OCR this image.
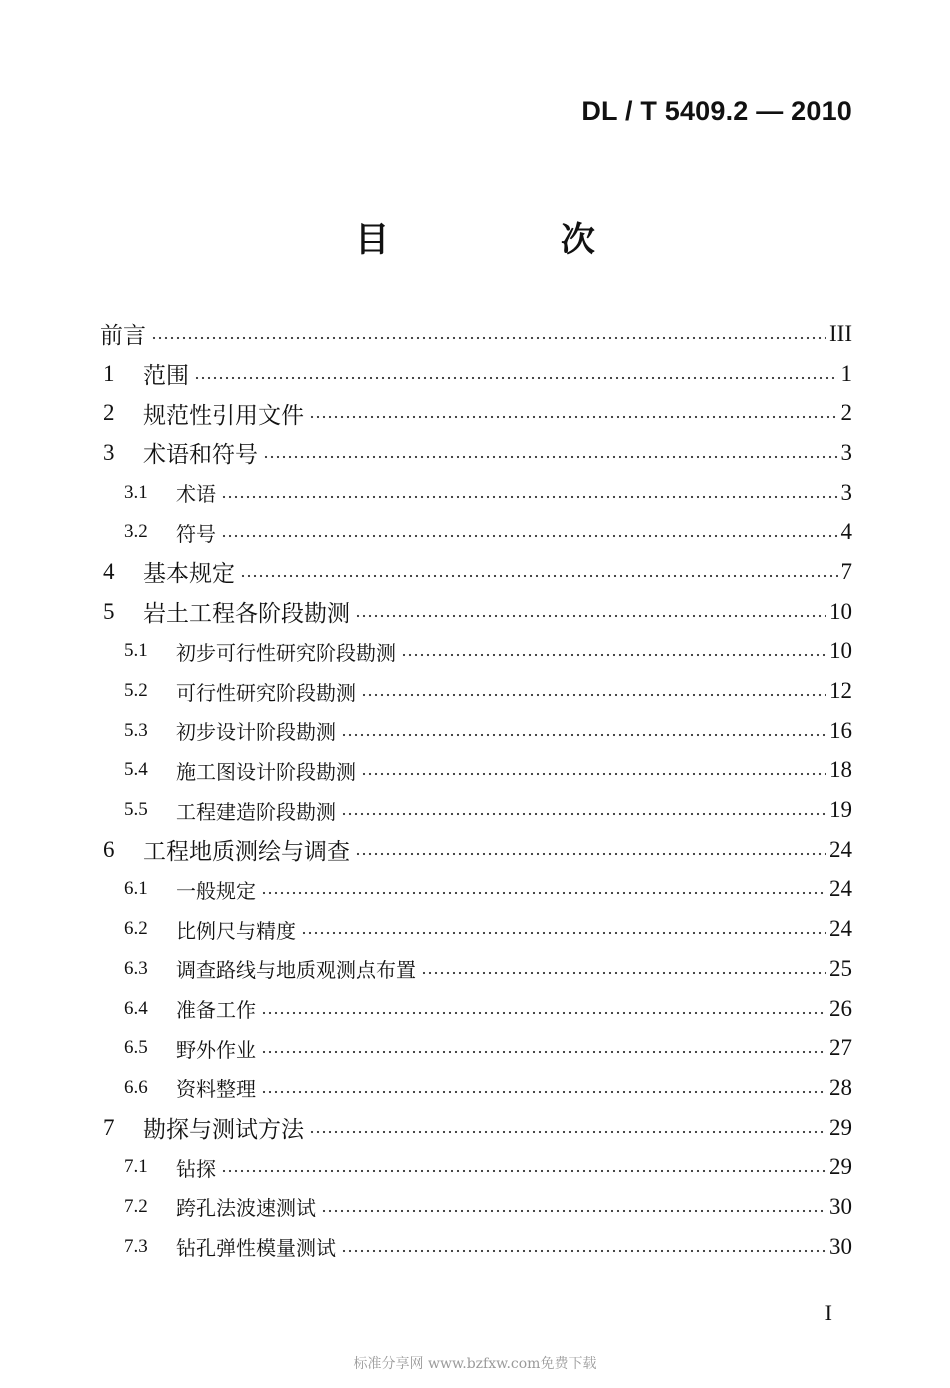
DL / T 5409.2 — 2010
目 次
前言	III
1	范围	1
2	规范性引用文件	2
3	术语和符号	3
3.1	术语	3
3.2	符号	4
4	基本规定	7
5	岩土工程各阶段勘测	10
5.1	初步可行性研究阶段勘测	10
5.2	可行性研究阶段勘测	12
5.3	初步设计阶段勘测	16
5.4	施工图设计阶段勘测	18
5.5	工程建造阶段勘测	19
6	工程地质测绘与调查	24
6.1	一般规定	24
6.2	比例尺与精度	24
6.3	调查路线与地质观测点布置	25
6.4	准备工作	26
6.5	野外作业	27
6.6	资料整理	28
7	勘探与测试方法	29
7.1	钻探	29
7.2	跨孔法波速测试	30
7.3	钻孔弹性模量测试	30
I
标准分享网 www.bzfxw.com免费下载
